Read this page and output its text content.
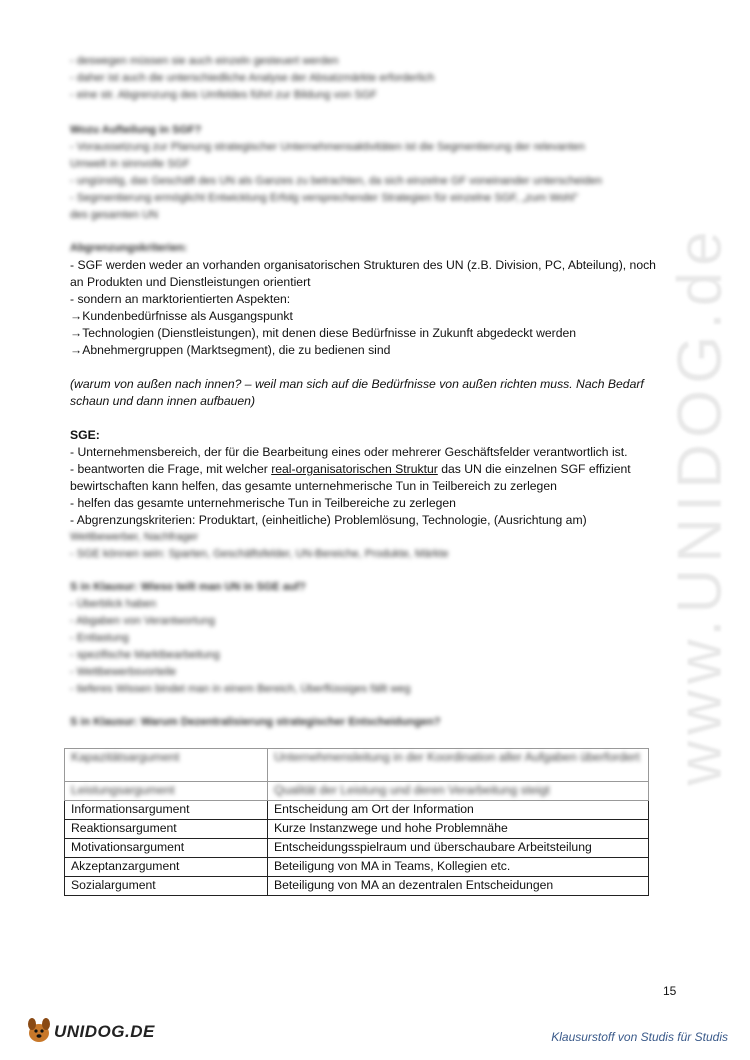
www.UNIDOG.de
- deswegen müssen sie auch einzeln gesteuert werden
- daher ist auch die unterschiedliche Analyse der Absatzmärkte erforderlich
- eine str. Abgrenzung des Umfeldes führt zur Bildung von SGF
Wozu Aufteilung in SGF?
- Voraussetzung zur Planung strategischer Unternehmensaktivitäten ist die Segmentierung der relevanten
Umwelt in sinnvolle SGF
- ungünstig, das Geschäft des UN als Ganzes zu betrachten, da sich einzelne GF voneinander unterscheiden
- Segmentierung ermöglicht Entwicklung Erfolg versprechender Strategien für einzelne SGF, „zum Wohl"
des gesamten UN
Abgrenzungskriterien:
- SGF werden weder an vorhanden organisatorischen Strukturen des UN (z.B. Division, PC, Abteilung), noch
an Produkten und Dienstleistungen orientiert
- sondern an marktorientierten Aspekten:
→Kundenbedürfnisse als Ausgangspunkt
→Technologien (Dienstleistungen), mit denen diese Bedürfnisse in Zukunft abgedeckt werden
→Abnehmergruppen (Marktsegment), die zu bedienen sind
(warum von außen nach innen? – weil man sich auf die Bedürfnisse von außen richten muss. Nach Bedarf
schaun und dann innen aufbauen)
SGE:
- Unternehmensbereich, der für die Bearbeitung eines oder mehrerer Geschäftsfelder verantwortlich ist.
- beantworten die Frage, mit welcher real-organisatorischen Struktur das UN die einzelnen SGF effizient
bewirtschaften kann helfen, das gesamte unternehmerische Tun in Teilbereich zu zerlegen
- helfen das gesamte unternehmerische Tun in Teilbereiche zu zerlegen
- Abgrenzungskriterien: Produktart, (einheitliche) Problemlösung, Technologie, (Ausrichtung am)
Wettbewerber, Nachfrager
- SGE können sein: Sparten, Geschäftsfelder, UN-Bereiche, Produkte, Märkte
S in Klausur: Wieso teilt man UN in SGE auf?
- Überblick haben
- Abgaben von Verantwortung
- Entlastung
- spezifische Marktbearbeitung
- Wettbewerbsvorteile
- tieferes Wissen bindet man in einem Bereich, Überflüssiges fällt weg
S in Klausur: Warum Dezentralisierung strategischer Entscheidungen?
Kapazitätsargument	Unternehmensleitung in der Koordination aller Aufgaben überfordert
Leistungsargument	Qualität der Leistung und deren Verarbeitung steigt
Informationsargument	Entscheidung am Ort der Information
Reaktionsargument	Kurze Instanzwege und hohe Problemnähe
Motivationsargument	Entscheidungsspielraum und überschaubare Arbeitsteilung
Akzeptanzargument	Beteiligung von MA in Teams, Kollegien etc.
Sozialargument	Beteiligung von MA an dezentralen Entscheidungen
15
UNIDOG.DE	Klausurstoff von Studis für Studis
